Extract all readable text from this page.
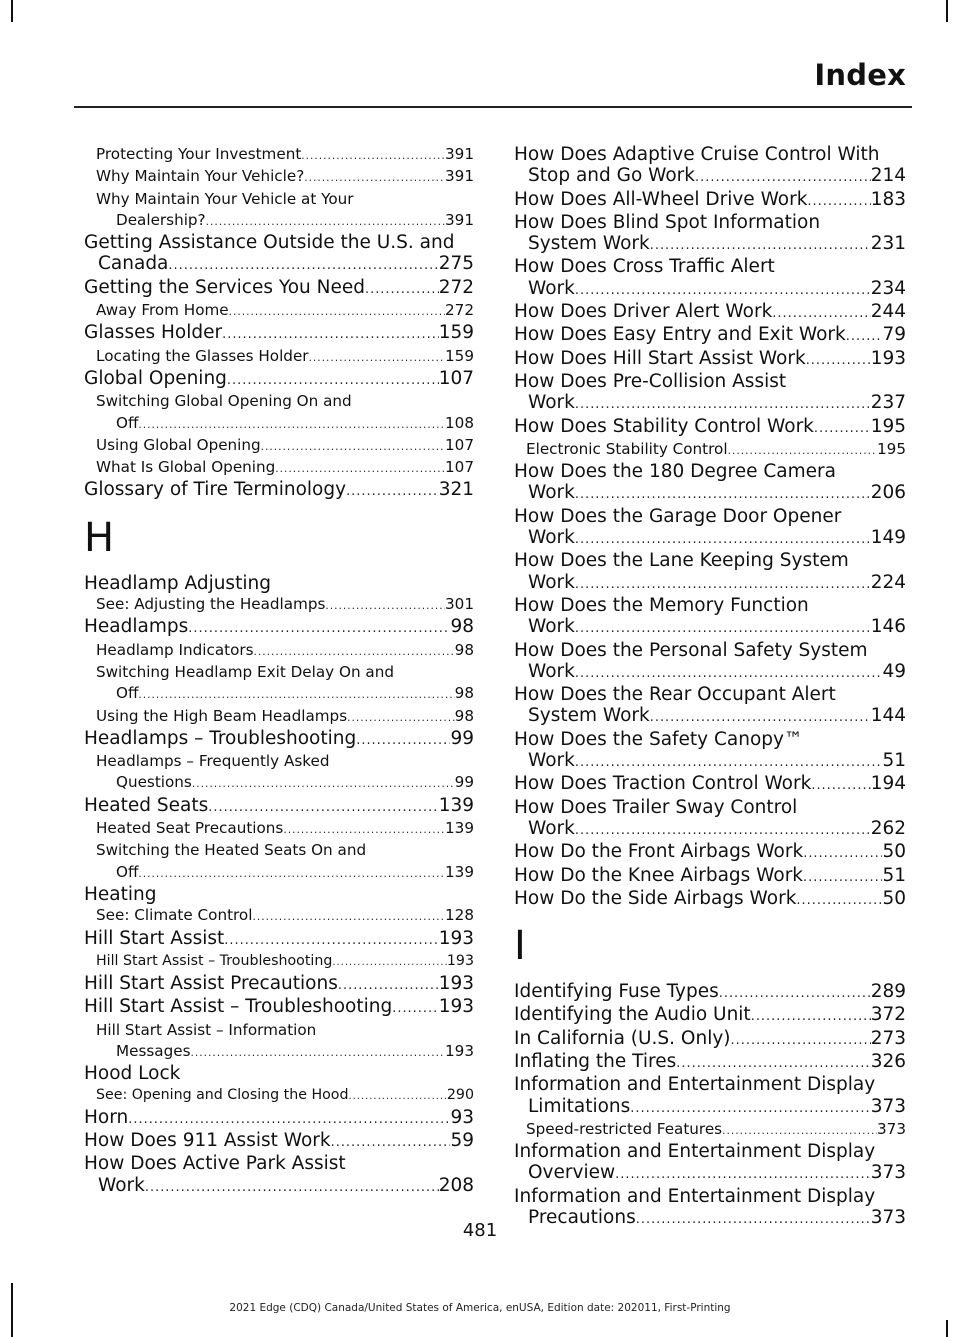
Index
Protecting Your Investment .....	391
Why Maintain Your Vehicle? .....	391
Why Maintain Your Vehicle at Your
Dealership? .....	391
Getting Assistance Outside the U.S. and
Canada .....	275
Getting the Services You Need .....	272
Away From Home .....	272
Glasses Holder .....	159
Locating the Glasses Holder .....	159
Global Opening .....	107
Switching Global Opening On and
Off .....	108
Using Global Opening .....	107
What Is Global Opening .....	107
Glossary of Tire Terminology .....	321
H
Headlamp Adjusting
See: Adjusting the Headlamps .....	301
Headlamps .....	98
Headlamp Indicators .....	98
Switching Headlamp Exit Delay On and
Off .....	98
Using the High Beam Headlamps .....	98
Headlamps – Troubleshooting .....	99
Headlamps – Frequently Asked
Questions .....	99
Heated Seats .....	139
Heated Seat Precautions .....	139
Switching the Heated Seats On and
Off .....	139
Heating
See: Climate Control .....	128
Hill Start Assist .....	193
Hill Start Assist – Troubleshooting .....	193
Hill Start Assist Precautions .....	193
Hill Start Assist – Troubleshooting .....	193
Hill Start Assist – Information
Messages .....	193
Hood Lock
See: Opening and Closing the Hood .....	290
Horn .....	93
How Does 911 Assist Work .....	59
How Does Active Park Assist
Work .....	208
How Does Adaptive Cruise Control With
Stop and Go Work .....	214
How Does All-Wheel Drive Work .....	183
How Does Blind Spot Information
System Work .....	231
How Does Cross Traffic Alert
Work .....	234
How Does Driver Alert Work .....	244
How Does Easy Entry and Exit Work ..... 79
How Does Hill Start Assist Work .....	193
How Does Pre-Collision Assist
Work .....	237
How Does Stability Control Work .....	195
Electronic Stability Control .....	195
How Does the 180 Degree Camera
Work .....	206
How Does the Garage Door Opener
Work .....	149
How Does the Lane Keeping System
Work .....	224
How Does the Memory Function
Work .....	146
How Does the Personal Safety System
Work .....	49
How Does the Rear Occupant Alert
System Work .....	144
How Does the Safety Canopy™
Work .....	51
How Does Traction Control Work .....	194
How Does Trailer Sway Control
Work .....	262
How Do the Front Airbags Work .....	50
How Do the Knee Airbags Work .....	51
How Do the Side Airbags Work .....	50
I
Identifying Fuse Types .....	289
Identifying the Audio Unit .....	372
In California (U.S. Only) .....	273
Inflating the Tires .....	326
Information and Entertainment Display
Limitations .....	373
Speed-restricted Features .....	373
Information and Entertainment Display
Overview .....	373
Information and Entertainment Display
Precautions .....	373
481
2021 Edge (CDQ) Canada/United States of America, enUSA, Edition date: 202011, First-Printing
